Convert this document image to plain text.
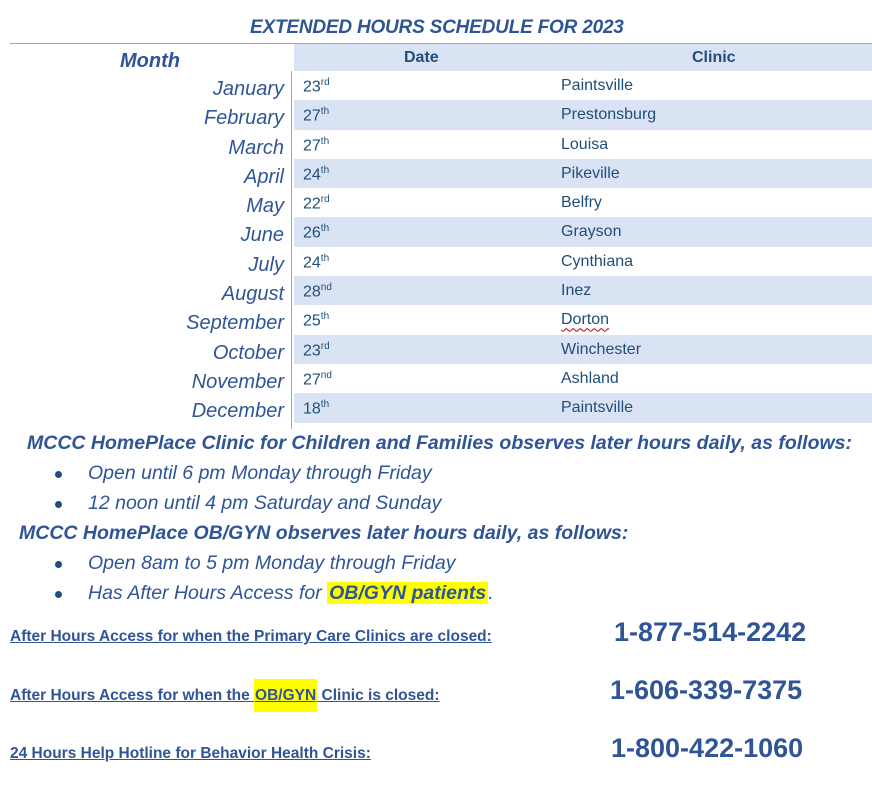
EXTENDED HOURS SCHEDULE FOR 2023
Month	Date	Clinic
January 23rd	Paintsville
February 27th	Prestonsburg
March 27th	Louisa
April 24th	Pikeville
May 22rd	Belfry
June 26th	Grayson
July 24th	Cynthiana
August 28nd	Inez
September 25th	Dorton
October 23rd	Winchester
November 27nd	Ashland
December 18th	Paintsville
MCCC HomePlace Clinic for Children and Families observes later hours daily, as follows:
Open until 6 pm Monday through Friday
12 noon until 4 pm Saturday and Sunday
MCCC HomePlace OB/GYN observes later hours daily, as follows:
Open 8am to 5 pm Monday through Friday
Has After Hours Access for OB/GYN patients .
After Hours Access for when the Primary Care Clinics are closed:	1-877-514-2242
After Hours Access for when the OB/GYN Clinic is closed:	1-606-339-7375
24 Hours Help Hotline for Behavior Health Crisis:	1-800-422-1060
